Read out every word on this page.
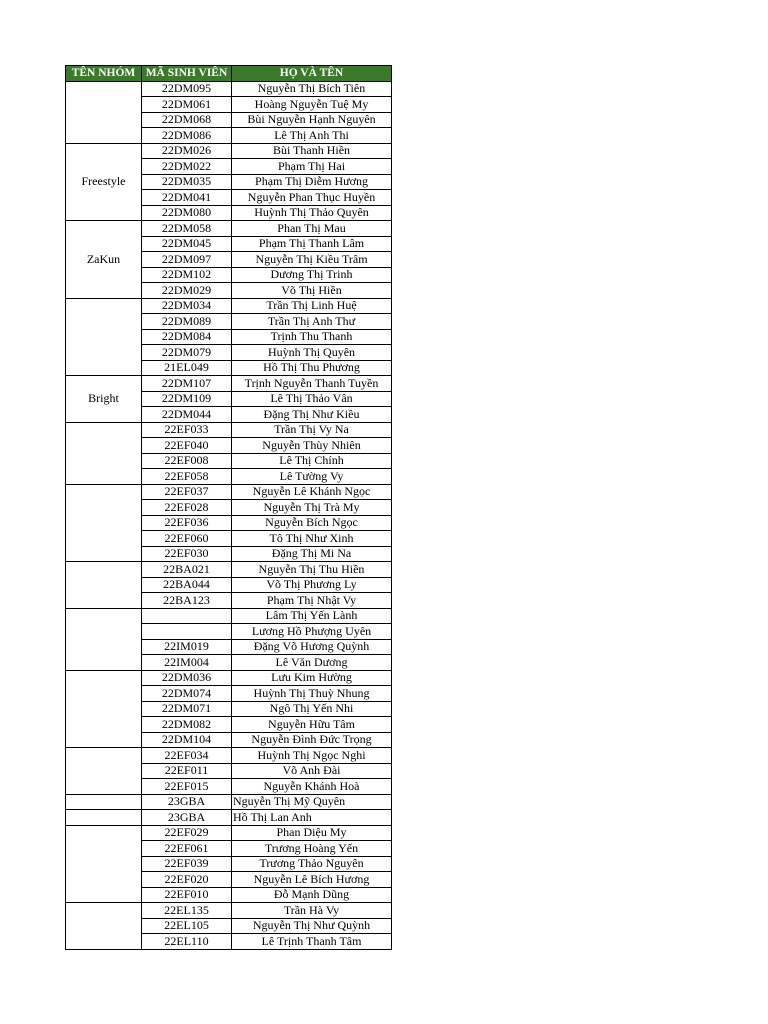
TÊN NHÓM	MÃ SINH VIÊN	HỌ VÀ TÊN
	22DM095	Nguyễn Thị Bích Tiên
	22DM061	Hoàng Nguyễn Tuệ My
	22DM068	Bùi Nguyễn Hạnh Nguyên
	22DM086	Lê Thị Anh Thi
Freestyle	22DM026	Bùi Thanh Hiền
	22DM022	Phạm Thị Hai
	22DM035	Phạm Thị Diễm Hương
	22DM041	Nguyễn Phan Thục Huyền
	22DM080	Huỳnh Thị Thảo Quyên
ZaKun	22DM058	Phan Thị Mau
	22DM045	Phạm Thị Thanh Lâm
	22DM097	Nguyễn Thị Kiều Trâm
	22DM102	Dương Thị Trinh
	22DM029	Võ Thị Hiền
	22DM034	Trần Thị Linh Huệ
	22DM089	Trần Thị Anh Thư
	22DM084	Trịnh Thu Thanh
	22DM079	Huỳnh Thị Quyên
	21EL049	Hồ Thị Thu Phương
Bright	22DM107	Trịnh Nguyễn Thanh Tuyền
	22DM109	Lê Thị Thảo Vân
	22DM044	Đặng Thị Như Kiều
	22EF033	Trần Thị Vy Na
	22EF040	Nguyễn Thùy Nhiên
	22EF008	Lê Thị Chính
	22EF058	Lê Tường Vy
	22EF037	Nguyễn Lê Khánh Ngọc
	22EF028	Nguyễn Thị Trà My
	22EF036	Nguyễn Bích Ngọc
	22EF060	Tô Thị Như Xinh
	22EF030	Đặng Thị Mi Na
	22BA021	Nguyễn Thị Thu Hiền
	22BA044	Võ Thị Phương Ly
	22BA123	Phạm Thị Nhật Vy
		Lâm Thị Yến Lành
		Lương Hồ Phượng Uyên
	22IM019	Đặng Võ Hương Quỳnh
	22IM004	Lê Văn Dương
	22DM036	Lưu Kim Hường
	22DM074	Huỳnh Thị Thuỳ Nhung
	22DM071	Ngô Thị Yến Nhi
	22DM082	Nguyễn Hữu Tâm
	22DM104	Nguyễn Đình Đức Trọng
	22EF034	Huỳnh Thị Ngọc Nghi
	22EF011	Võ Anh Đài
	22EF015	Nguyễn Khánh Hoà
	23GBA	Nguyễn Thị Mỹ Quyên
	23GBA	Hồ Thị Lan Anh
	22EF029	Phan Diệu My
	22EF061	Trương Hoàng Yến
	22EF039	Trương Thảo Nguyên
	22EF020	Nguyễn Lê Bích Hương
	22EF010	Đỗ Mạnh Dũng
	22EL135	Trần Hà Vy
	22EL105	Nguyễn Thị Như Quỳnh
	22EL110	Lê Trịnh Thanh Tâm
